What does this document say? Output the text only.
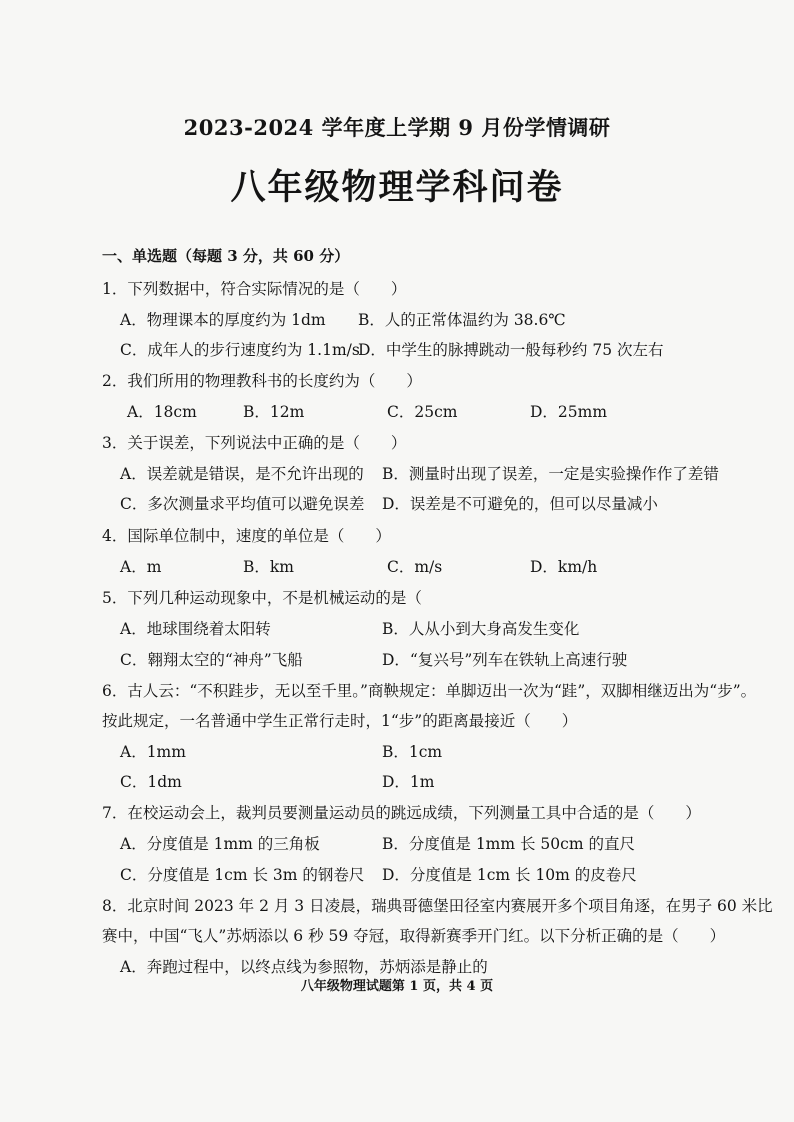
2023-2024 学年度上学期 9 月份学情调研
八年级物理学科问卷
一、单选题（每题 3 分，共 60 分）
1．下列数据中，符合实际情况的是（　　）
A．物理课本的厚度约为 1dm B．人的正常体温约为 38.6℃
C．成年人的步行速度约为 1.1m/s
D．中学生的脉搏跳动一般每秒约 75 次左右
2．我们所用的物理教科书的长度约为（　　）
A．18cm	B．12m	C．25cm	D．25mm
3．关于误差，下列说法中正确的是（　　）
A．误差就是错误，是不允许出现的 B．测量时出现了误差，一定是实验操作作了差错
C．多次测量求平均值可以避免误差 D．误差是不可避免的，但可以尽量减小
4．国际单位制中，速度的单位是（　　）
A．m	B．km	C．m/s	D．km/h
5．下列几种运动现象中，不是机械运动的是（
A．地球围绕着太阳转	B．人从小到大身高发生变化
C．翱翔太空的“神舟”飞船	D．“复兴号”列车在铁轨上高速行驶
6．古人云：“不积跬步，无以至千里。”商鞅规定：单脚迈出一次为“跬”，双脚相继迈出为“步”。
按此规定，一名普通中学生正常行走时，1“步”的距离最接近（　　）
A．1mm	B．1cm
C．1dm	D．1m
7．在校运动会上，裁判员要测量运动员的跳远成绩，下列测量工具中合适的是（　　）
A．分度值是 1mm 的三角板	B．分度值是 1mm 长 50cm 的直尺
C．分度值是 1cm 长 3m 的钢卷尺 D．分度值是 1cm 长 10m 的皮卷尺
8．北京时间 2023 年 2 月 3 日凌晨，瑞典哥德堡田径室内赛展开多个项目角逐，在男子 60 米比
赛中，中国“飞人”苏炳添以 6 秒 59 夺冠，取得新赛季开门红。以下分析正确的是（　　）
A．奔跑过程中，以终点线为参照物，苏炳添是静止的
八年级物理试题第 1 页，共 4 页
